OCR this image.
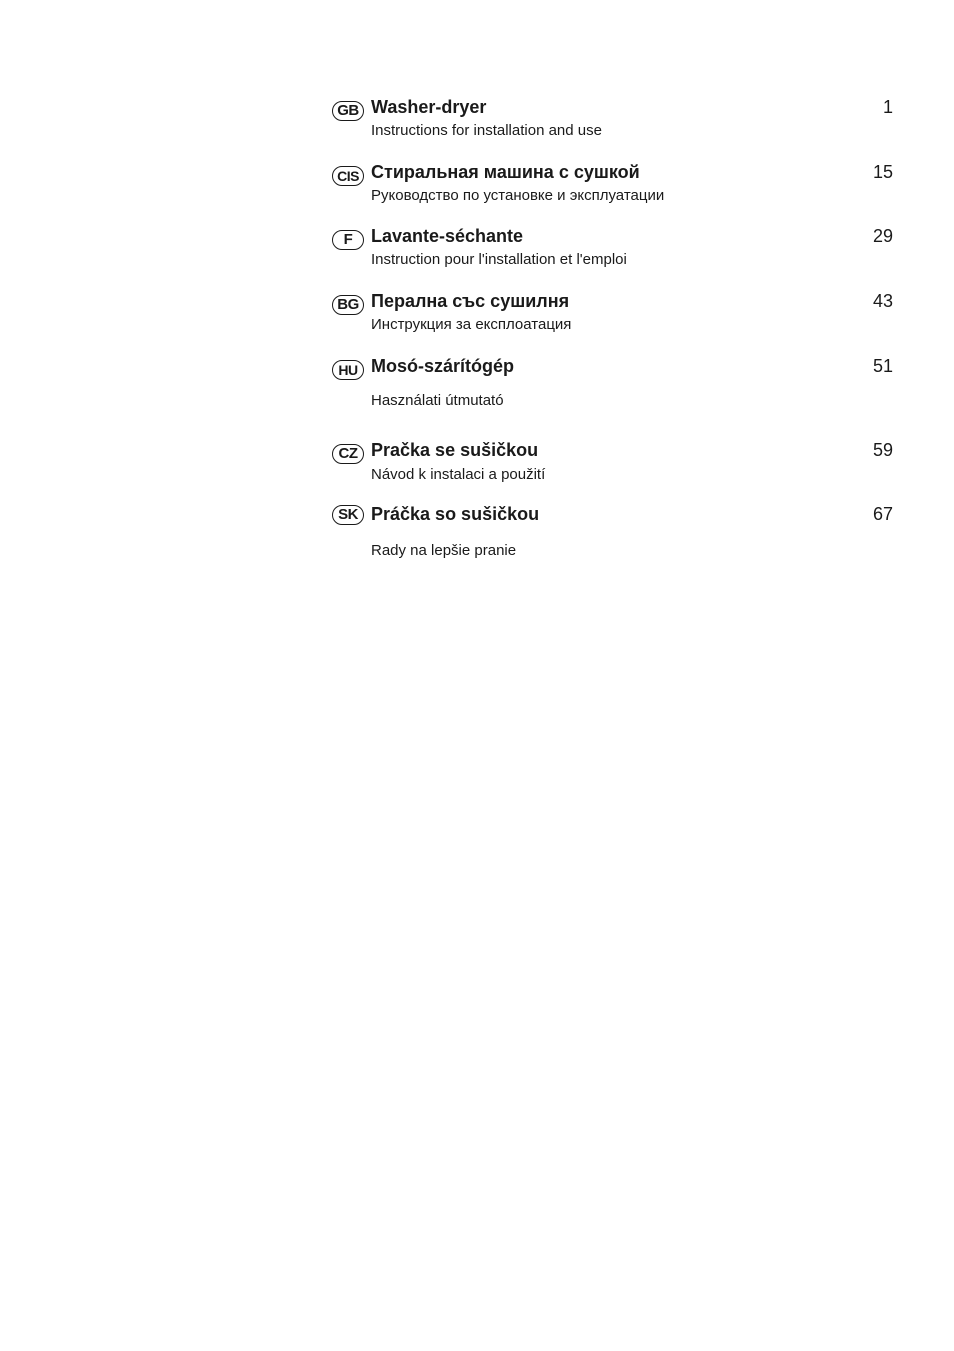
GB Washer-dryer
Instructions for installation and use
1
CIS Стиральная машина с сушкой
Руководство по установке и эксплуатации
15
F	Lavante-séchante
Instruction pour l'installation et l'emploi
29
BG Перална със сушилня
Инструкция за експлоатация
43
HU Mosó-szárítógép
Használati útmutató
51
CZ Pračka se sušičkou
Návod k instalaci a použití
59
SK Práčka so sušičkou
Rady na lepšie pranie
67
